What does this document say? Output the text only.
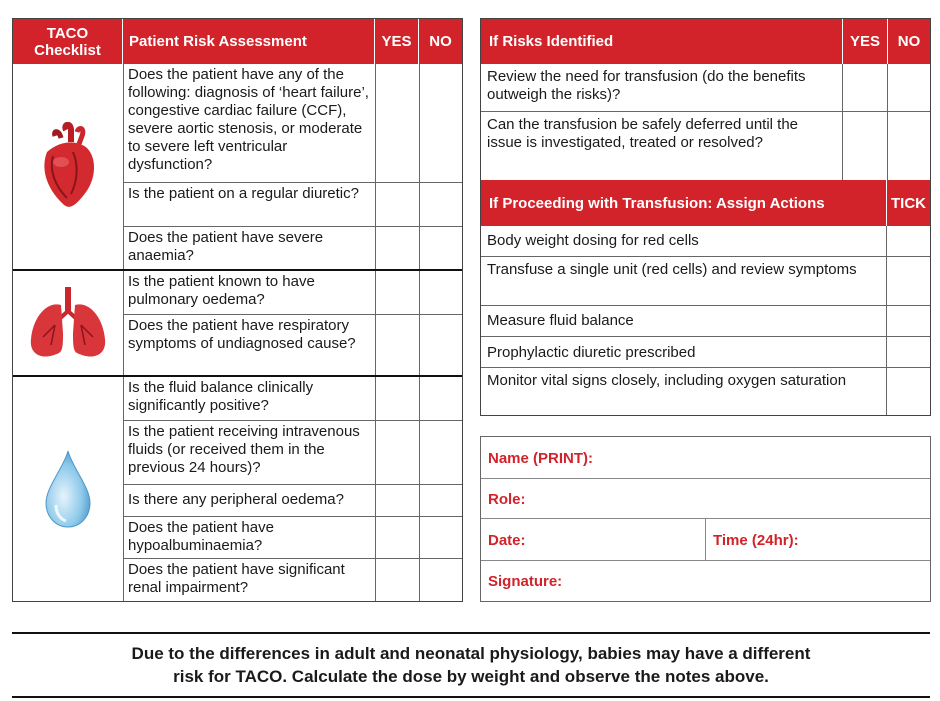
TACO Checklist	Patient Risk Assessment	YES	NO
Does the patient have any of the following: diagnosis of ‘heart failure’, congestive cardiac failure (CCF), severe aortic stenosis, or moderate to severe left ventricular dysfunction?
Is the patient on a regular diuretic?
Does the patient have severe anaemia?
Is the patient known to have pulmonary oedema?
Does the patient have respiratory symptoms of undiagnosed cause?
Is the fluid balance clinically significantly positive?
Is the patient receiving intravenous fluids (or received them in the previous 24 hours)?
Is there any peripheral oedema?
Does the patient have hypoalbuminaemia?
Does the patient have significant renal impairment?
If Risks Identified	YES	NO
Review the need for transfusion (do the benefits outweigh the risks)?
Can the transfusion be safely deferred until the issue is investigated, treated or resolved?
If Proceeding with Transfusion: Assign Actions	TICK
Body weight dosing for red cells
Transfuse a single unit (red cells) and review symptoms
Measure fluid balance
Prophylactic diuretic prescribed
Monitor vital signs closely, including oxygen saturation
Name (PRINT):
Role:
Date:	Time (24hr):
Signature:
Due to the differences in adult and neonatal physiology, babies may have a different
risk for TACO. Calculate the dose by weight and observe the notes above.
